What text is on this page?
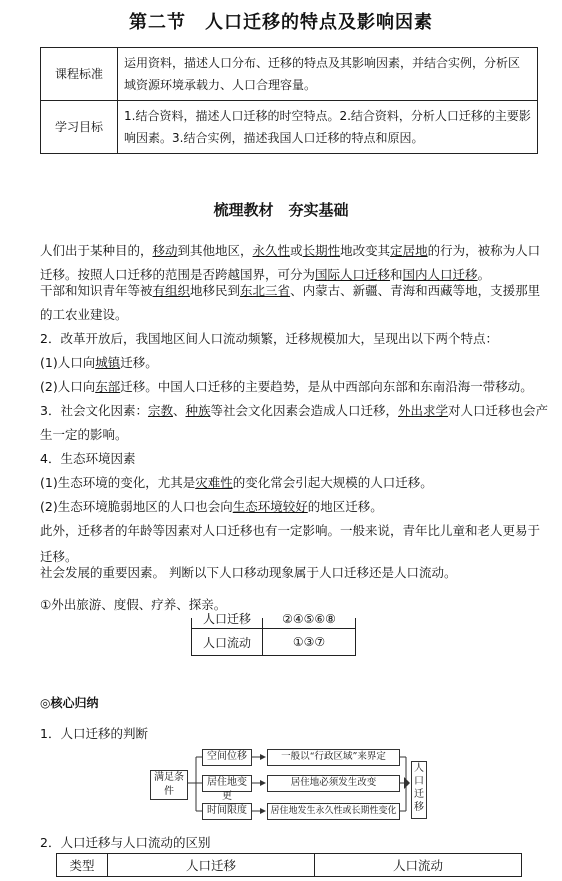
第二节　人口迁移的特点及影响因素
课程标准	运用资料，描述人口分布、迁移的特点及其影响因素，并结合实例，分析区域资源环境承载力、人口合理容量。
学习目标	1.结合资料，描述人口迁移的时空特点。2.结合资料，分析人口迁移的主要影响因素。3.结合实例，描述我国人口迁移的特点和原因。
梳理教材　夯实基础
人们出于某种目的，移动到其他地区，永久性或长期性地改变其定居地的行为，被称为人口
迁移。按照人口迁移的范围是否跨越国界，可分为国际人口迁移和国内人口迁移。
干部和知识青年等被有组织地移民到东北三省、内蒙古、新疆、青海和西藏等地，支援那里
的工农业建设。
2．改革开放后，我国地区间人口流动频繁，迁移规模加大，呈现出以下两个特点：
(1)人口向城镇迁移。
(2)人口向东部迁移。中国人口迁移的主要趋势，是从中西部向东部和东南沿海一带移动。
3．社会文化因素：宗教、种族等社会文化因素会造成人口迁移，外出求学对人口迁移也会产
生一定的影响。
4．生态环境因素
(1)生态环境的变化，尤其是灾难性的变化常会引起大规模的人口迁移。
(2)生态环境脆弱地区的人口也会向生态环境较好的地区迁移。
此外，迁移者的年龄等因素对人口迁移也有一定影响。一般来说，青年比儿童和老人更易于
迁移。
社会发展的重要因素。 判断以下人口移动现象属于人口迁移还是人口流动。
①外出旅游、度假、疗养、探亲。
人口迁移	②④⑤⑥⑧

人口流动	①③⑦
◎核心归纳
1．人口迁移的判断
满足条件
空间位移
居住地变更
时间限度
一般以“行政区域”来界定
居住地必须发生改变
居住地发生永久性或长期性变化
人口迁移
2．人口迁移与人口流动的区别
类型	人口迁移	人口流动
